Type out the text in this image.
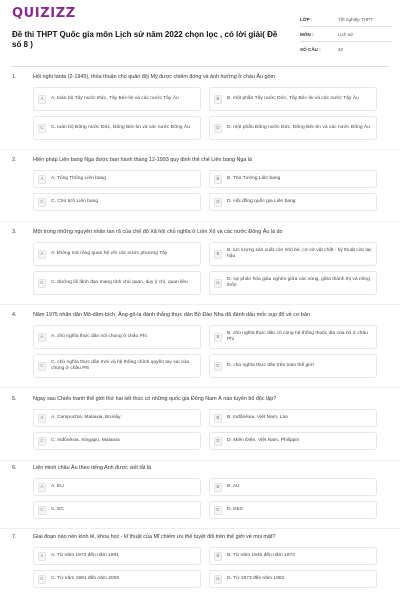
QUIZIZZ
Đề thi THPT Quốc gia môn Lịch sử năm 2022 chọn lọc , có lời giải( Đề số 8 )
LỚP :	Tốt nghiệp THPT
MÔN :	Lịch sử
SỐ CÂU :	40
1.	Hội nghị Ianta (2-1945), thỏa thuận cho quân đội Mỹ được chiếm đóng và ảnh hưởng ở châu Âu gồm
A	A. toàn bộ Tây nước Đức, Tây Béc-lin và các nước Tây Âu	B	B. một phần Tây nước Đức, Tây Béc-lin và các nước Tây Âu
C	C. toàn bộ Đông nước Đức, Đông Béc-lin và các nước Đông Âu	D	D. một phần Đông nước Đức, Đông Béc-lin và các nước Đông Âu
2.	Hiến pháp Liên bang Nga được ban hành tháng 12-1993 quy định thể chế Liên bang Nga là
A	A. Tổng Thống Liên bang	B	B. Thủ Tướng Liên bang
C	C. Chủ tịch Liên bang	D	D. Hội đồng quốc gia Liên bang
3.	Một trong những nguyên nhân tan rã của chế độ Xã hội chủ nghĩa ở Liên Xô và các nước Đông Âu là do
A	A. không mở rộng quan hệ với các nước phương Tây	B
B. lực lượng sản xuất còn nhỏ bé, cơ sở vật chất - kỹ thuật còn lạc hậu
C	C. đường lối lãnh đạo mang tính chủ quan, duy ý chí, quan liêu	D
D. sự phân hóa giàu nghèo giữa các vùng, giữa thành thị và nông thôn
4.	Năm 1975 nhân dân Mô-dăm-bích, Ăng-gô-la đánh thắng thực dân Bồ Đào Nha đã đánh dấu mốc sụp đổ về cơ bản
A	A. chủ nghĩa thực dân nói chung ở châu Phi	B
B. chủ nghĩa thực dân cũ cùng hệ thống thuộc địa của nó ở châu Phi
C
C. chủ nghĩa thực dân mới và hệ thống chính quyền tay sai của chúng ở châu Phi
D	D. chủ nghĩa thực dân trên toàn thế giới
5.	Ngay sau Chiến tranh thế giới thứ hai kết thúc có những quốc gia Đông Nam Á nào tuyên bố độc lập?
A	A. Campuchia, Malaixia, Brunây	B	B. Inđônêxia, Việt Nam, Lào
C	C. Inđônêxia, Xingapo, Malaixia	D	D. Miến Điện, Việt Nam, Philippin
6.	Liên minh châu Âu theo tiếng Anh được viết tắt là
A	A. EU	B	B. AU
C	C. EC	D	D. EEC
7.	Giai đoạn nào nền kinh tế, khoa học - kĩ thuật của Mĩ chiếm ưu thế tuyệt đối trên thế giới về mọi mặt?
A	A. Từ năm 1973 đến năm 1991	B	B. Từ năm 1945 đến năm 1973
C	C. Từ năm 1991 đến năm 2000	D	D. Từ 1973 đến năm 1982
